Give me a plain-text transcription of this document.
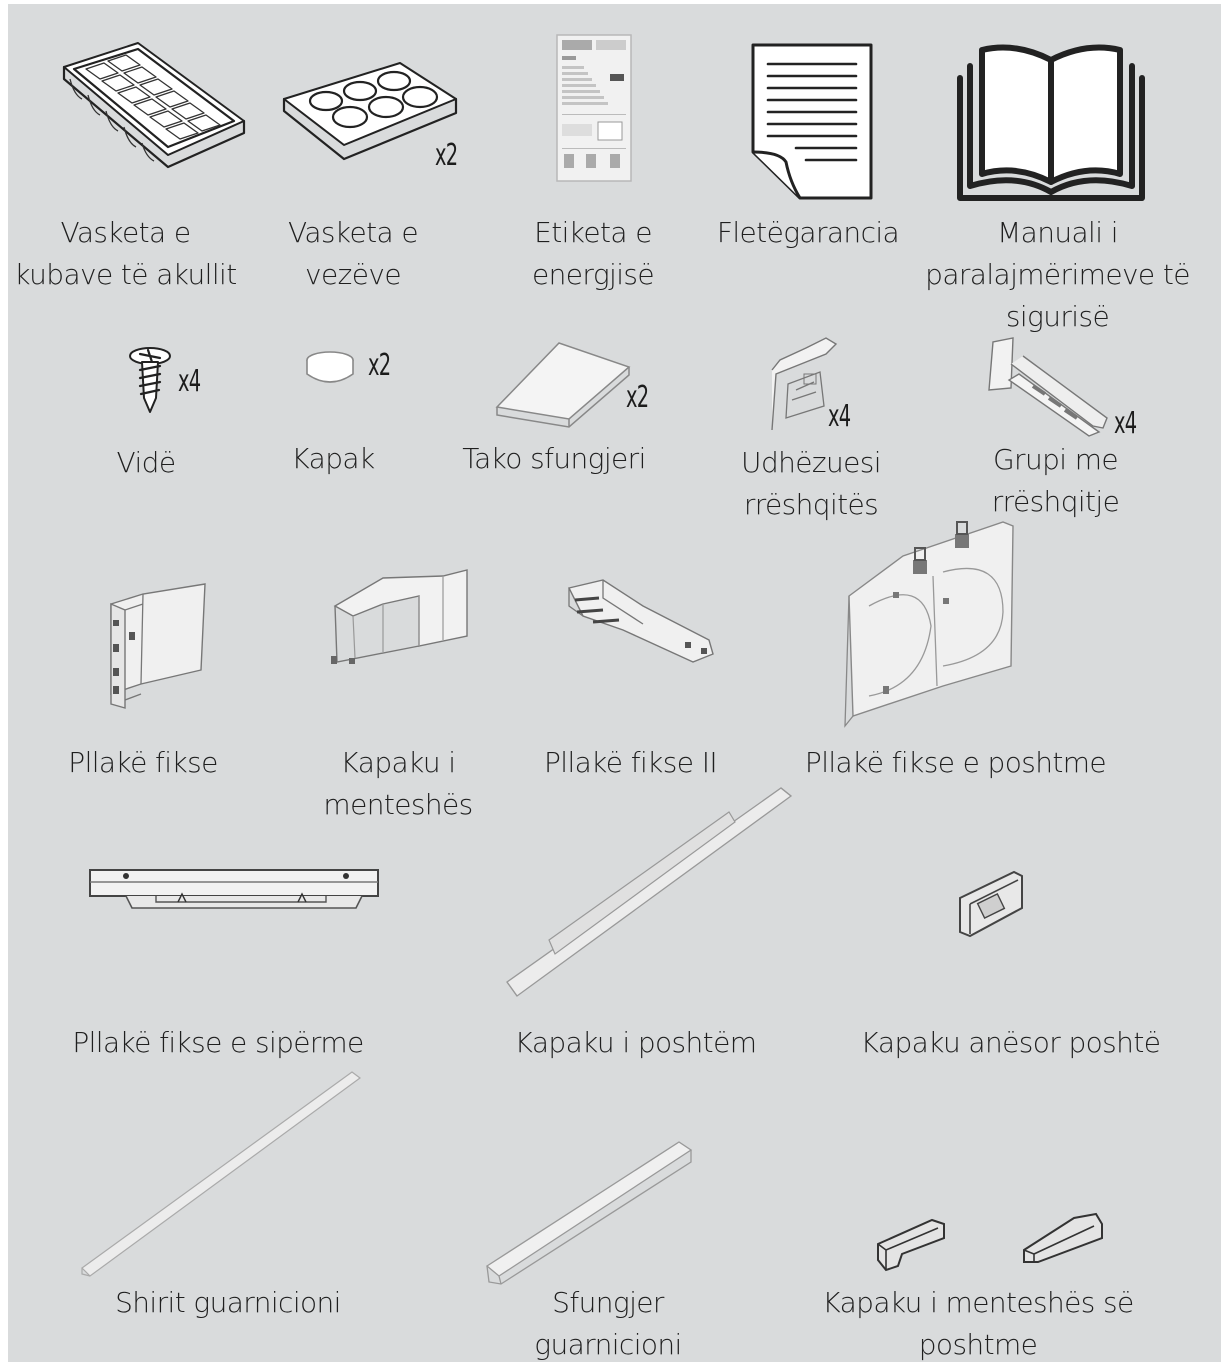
Vasketa e
kubave të akullit
x2
Vasketa e
vezëve
Etiketa e
energjisë
Fletëgarancia	Manuali i
paralajmërimeve të
sigurisë
x4
Vidë
x2
Kapak
x2
Tako sfungjeri
x4
Udhëzuesi
rrëshqitës
x4
Grupi me
rrëshqitje
Pllakë fikse	Kapaku i
menteshës
Pllakë fikse II	Pllakë fikse e poshtme
Pllakë fikse e sipërme	Kapaku i poshtëm	Kapaku anësor poshtë
Shirit guarnicioni	Sfungjer
guarnicioni
Kapaku i menteshës së
poshtme
